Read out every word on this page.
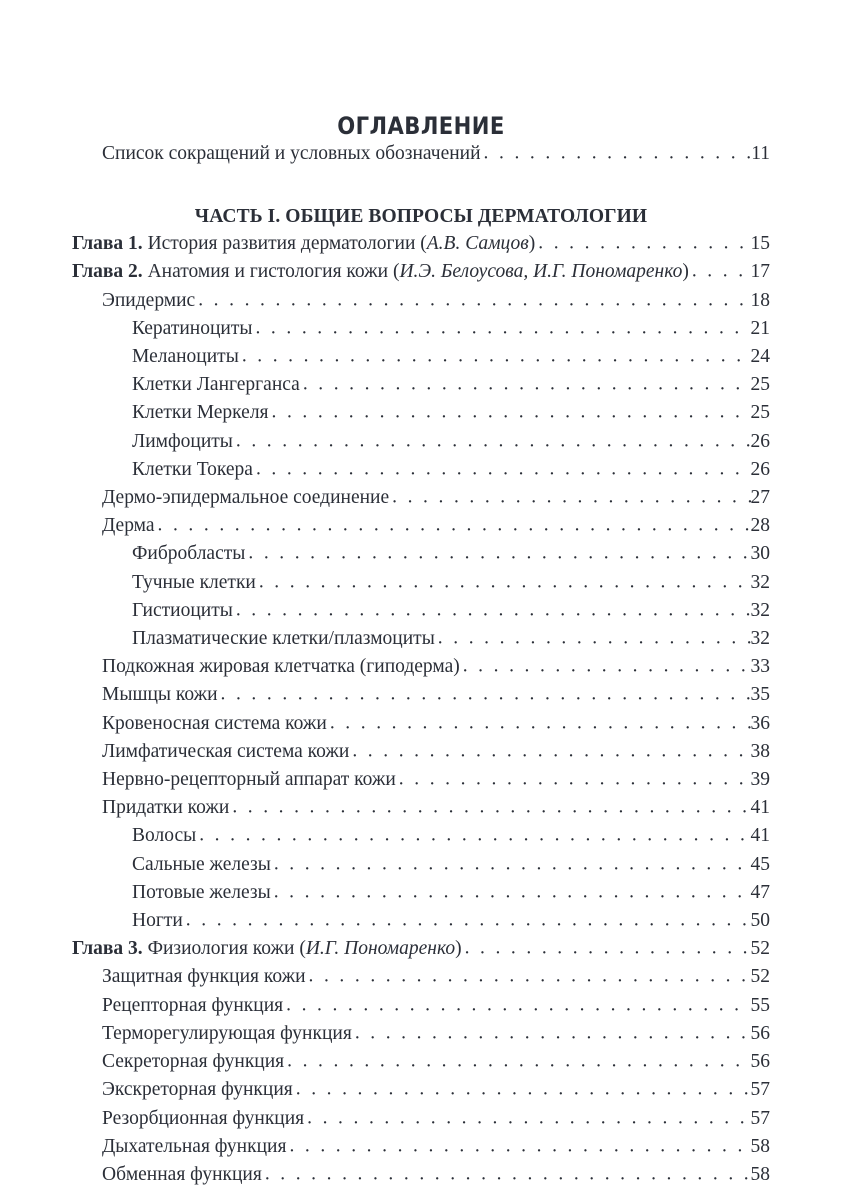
ОГЛАВЛЕНИЕ
Список сокращений и условных обозначений . . .	11
ЧАСТЬ I. ОБЩИЕ ВОПРОСЫ ДЕРМАТОЛОГИИ
Глава 1. История развития дерматологии (А.В. Самцов) . . .	15
Глава 2. Анатомия и гистология кожи (И.Э. Белоусова, И.Г. Пономаренко) . . .	17
Эпидермис . . .	18
Кератиноциты . . .	21
Меланоциты . . .	24
Клетки Лангерганса . . .	25
Клетки Меркеля . . .	25
Лимфоциты . . .	26
Клетки Токера . . .	26
Дермо-эпидермальное соединение . . .	27
Дерма . . .	28
Фибробласты . . .	30
Тучные клетки . . .	32
Гистиоциты . . .	32
Плазматические клетки/плазмоциты . . .	32
Подкожная жировая клетчатка (гиподерма) . . .	33
Мышцы кожи . . .	35
Кровеносная система кожи . . .	36
Лимфатическая система кожи . . .	38
Нервно-рецепторный аппарат кожи . . .	39
Придатки кожи . . .	41
Волосы . . .	41
Сальные железы . . .	45
Потовые железы . . .	47
Ногти . . .	50
Глава 3. Физиология кожи (И.Г. Пономаренко) . . .	52
Защитная функция кожи . . .	52
Рецепторная функция . . .	55
Терморегулирующая функция . . .	56
Секреторная функция . . .	56
Экскреторная функция . . .	57
Резорбционная функция . . .	57
Дыхательная функция . . .	58
Обменная функция . . .	58
